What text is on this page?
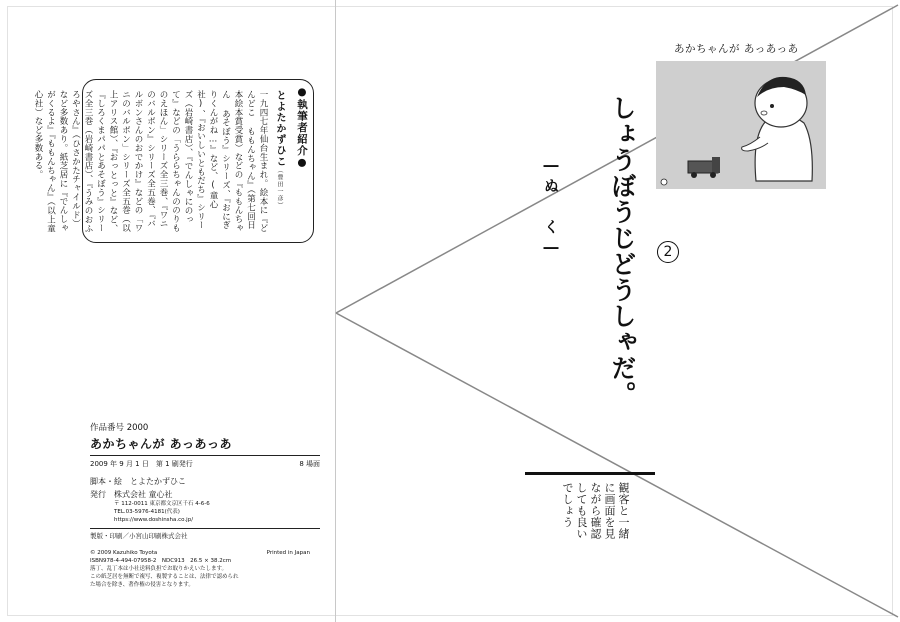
●執筆者紹介●
とよたかずひこ（豊田一彦）
一九四七年仙台生まれ。絵本に『どんどこ ももんちゃん』（第七回日本絵本賞受賞）などの『ももんちゃん あそぼう』シリーズ、『おにぎりくんがね…』など、(童心社)、『おいしいともだち』シリーズ（岩崎書店）、『でんしゃにのって』などの「うららちゃんののりものえほん」シリーズ全三巻、『ワニのバルボン』シリーズ全五巻、『バルボンさんのおでかけ』などの「ワニのバルボン」シリーズ全五巻（以上アリス館）、『おっとっと』など、『しろくまパパとあそぼう』シリーズ全三巻（岩崎書店）、『うみのおふろやさん』（ひさかたチャイルド）など多数あり。紙芝居に『でんしゃがくるよ』『ももんちゃん』（以上童心社）など多数ある。
作品番号 2000
あかちゃんが あっあっあ
2009 年 9 月 1 日　第 1 刷発行	8 場面
脚本・絵　とよたかずひこ
発行　株式会社 童心社
〒 112-0011 東京都文京区千石 4-6-6
TEL.03-5976-4181(代表)
https://www.doshinsha.co.jp/
製版・印刷／小宮山印刷株式会社
© 2009 Kazuhiko Toyota	Printed in Japan
ISBN978-4-494-07958-2　NDC913　26.5 × 38.2cm
落丁、乱丁本は小社送料負担でお取りかえいたします。
この紙芝居を無断で複写、複製することは、法律で認められ
た場合を除き、著作権の侵害となります。
あかちゃんが あっあっあ
しょうぼうじどうしゃだ。
―ぬ く―	2
観客と一緒に画面を見ながら確認しても良いでしょう
